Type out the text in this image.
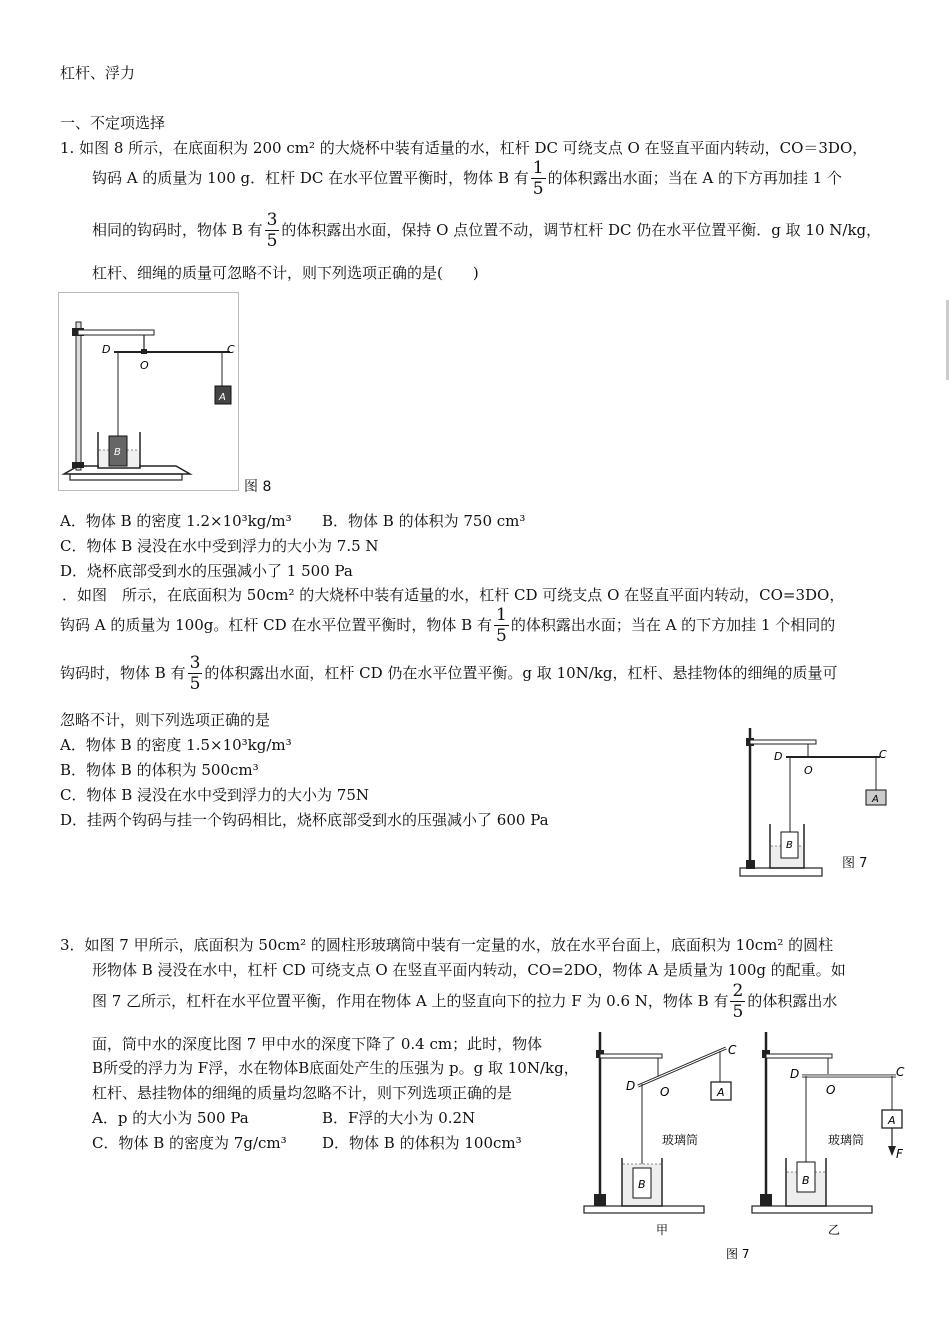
杠杆、浮力
一、不定项选择
1. 如图 8 所示，在底面积为 200 cm² 的大烧杯中装有适量的水，杠杆 DC 可绕支点 O 在竖直平面内转动，CO＝3DO，
钩码 A 的质量为 100 g．杠杆 DC 在水平位置平衡时，物体 B 有 $\frac{1}{5}$ 的体积露出水面；当在 A 的下方再加挂 1 个
相同的钩码时，物体 B 有 $\frac{3}{5}$ 的体积露出水面，保持 O 点位置不动，调节杠杆 DC 仍在水平位置平衡．g 取 10 N/kg，
杠杆、细绳的质量可忽略不计，则下列选项正确的是(　　)
D
O
C
A
B
图 8
A．物体 B 的密度 1.2×10³kg/m³ B．物体 B 的体积为 750 cm³
C．物体 B 浸没在水中受到浮力的大小为 7.5 N
D．烧杯底部受到水的压强减小了 1 500 Pa
．如图　所示，在底面积为 50cm² 的大烧杯中装有适量的水，杠杆 CD 可绕支点 O 在竖直平面内转动，CO=3DO，
钩码 A 的质量为 100g。杠杆 CD 在水平位置平衡时，物体 B 有 $\frac{1}{5}$ 的体积露出水面；当在 A 的下方加挂 1 个相同的
钩码时，物体 B 有 $\frac{3}{5}$ 的体积露出水面，杠杆 CD 仍在水平位置平衡。g 取 10N/kg，杠杆、悬挂物体的细绳的质量可
忽略不计，则下列选项正确的是
A．物体 B 的密度 1.5×10³kg/m³
B．物体 B 的体积为 500cm³
C．物体 B 浸没在水中受到浮力的大小为 75N
D．挂两个钩码与挂一个钩码相比，烧杯底部受到水的压强减小了 600 Pa
D
O
C
A
B
图 7
3．如图 7 甲所示，底面积为 50cm² 的圆柱形玻璃筒中装有一定量的水，放在水平台面上，底面积为 10cm² 的圆柱
形物体 B 浸没在水中，杠杆 CD 可绕支点 O 在竖直平面内转动，CO=2DO，物体 A 是质量为 100g 的配重。如
图 7 乙所示，杠杆在水平位置平衡，作用在物体 A 上的竖直向下的拉力 F 为 0.6 N，物体 B 有 $\frac{2}{5}$ 的体积露出水
面，筒中水的深度比图 7 甲中水的深度下降了 0.4 cm；此时，物体
B所受的浮力为 F浮，水在物体B底面处产生的压强为 p。g 取 10N/kg，
杠杆、悬挂物体的细绳的质量均忽略不计，则下列选项正确的是
A．p 的大小为 500 Pa	B．F浮的大小为 0.2N
C．物体 B 的密度为 7g/cm³ D．物体 B 的体积为 100cm³
D O
C
A
B
玻璃筒
甲
D
O
C
A
F
B
玻璃筒
乙
图 7
